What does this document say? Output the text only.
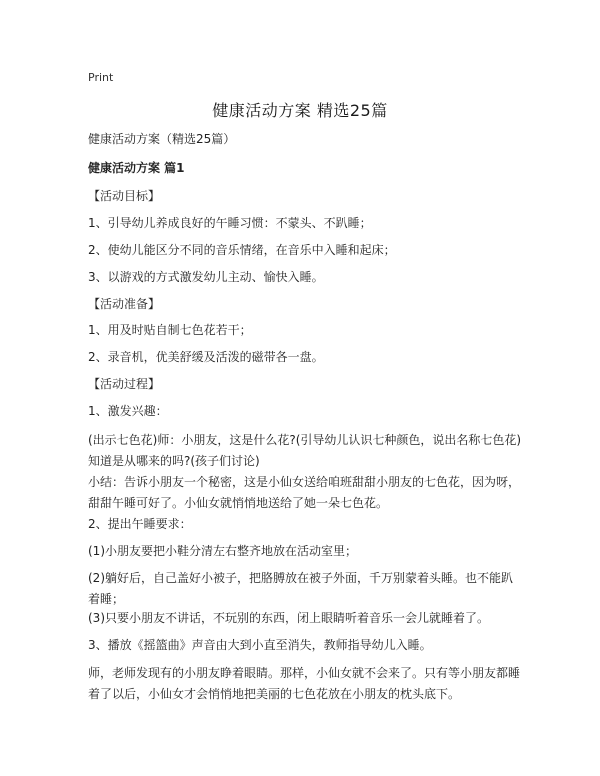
Print
健康活动方案 精选25篇
健康活动方案（精选25篇）
健康活动方案 篇1
【活动目标】
1、引导幼儿养成良好的午睡习惯：不蒙头、不趴睡；
2、使幼儿能区分不同的音乐情绪，在音乐中入睡和起床；
3、以游戏的方式激发幼儿主动、愉快入睡。
【活动准备】
1、用及时贴自制七色花若干；
2、录音机，优美舒缓及活泼的磁带各一盘。
【活动过程】
1、激发兴趣：
(出示七色花)师：小朋友，这是什么花?(引导幼儿认识七种颜色，说出名称七色花)知道是从哪来的吗?(孩子们讨论)
小结：告诉小朋友一个秘密，这是小仙女送给咱班甜甜小朋友的七色花，因为呀，甜甜午睡可好了。小仙女就悄悄地送给了她一朵七色花。
2、提出午睡要求：
(1)小朋友要把小鞋分清左右整齐地放在活动室里；
(2)躺好后，自己盖好小被子，把胳膊放在被子外面，千万别蒙着头睡。也不能趴着睡；
(3)只要小朋友不讲话，不玩别的东西，闭上眼睛听着音乐一会儿就睡着了。
3、播放《摇篮曲》声音由大到小直至消失，教师指导幼儿入睡。
师，老师发现有的小朋友睁着眼睛。那样，小仙女就不会来了。只有等小朋友都睡着了以后，小仙女才会悄悄地把美丽的七色花放在小朋友的枕头底下。
